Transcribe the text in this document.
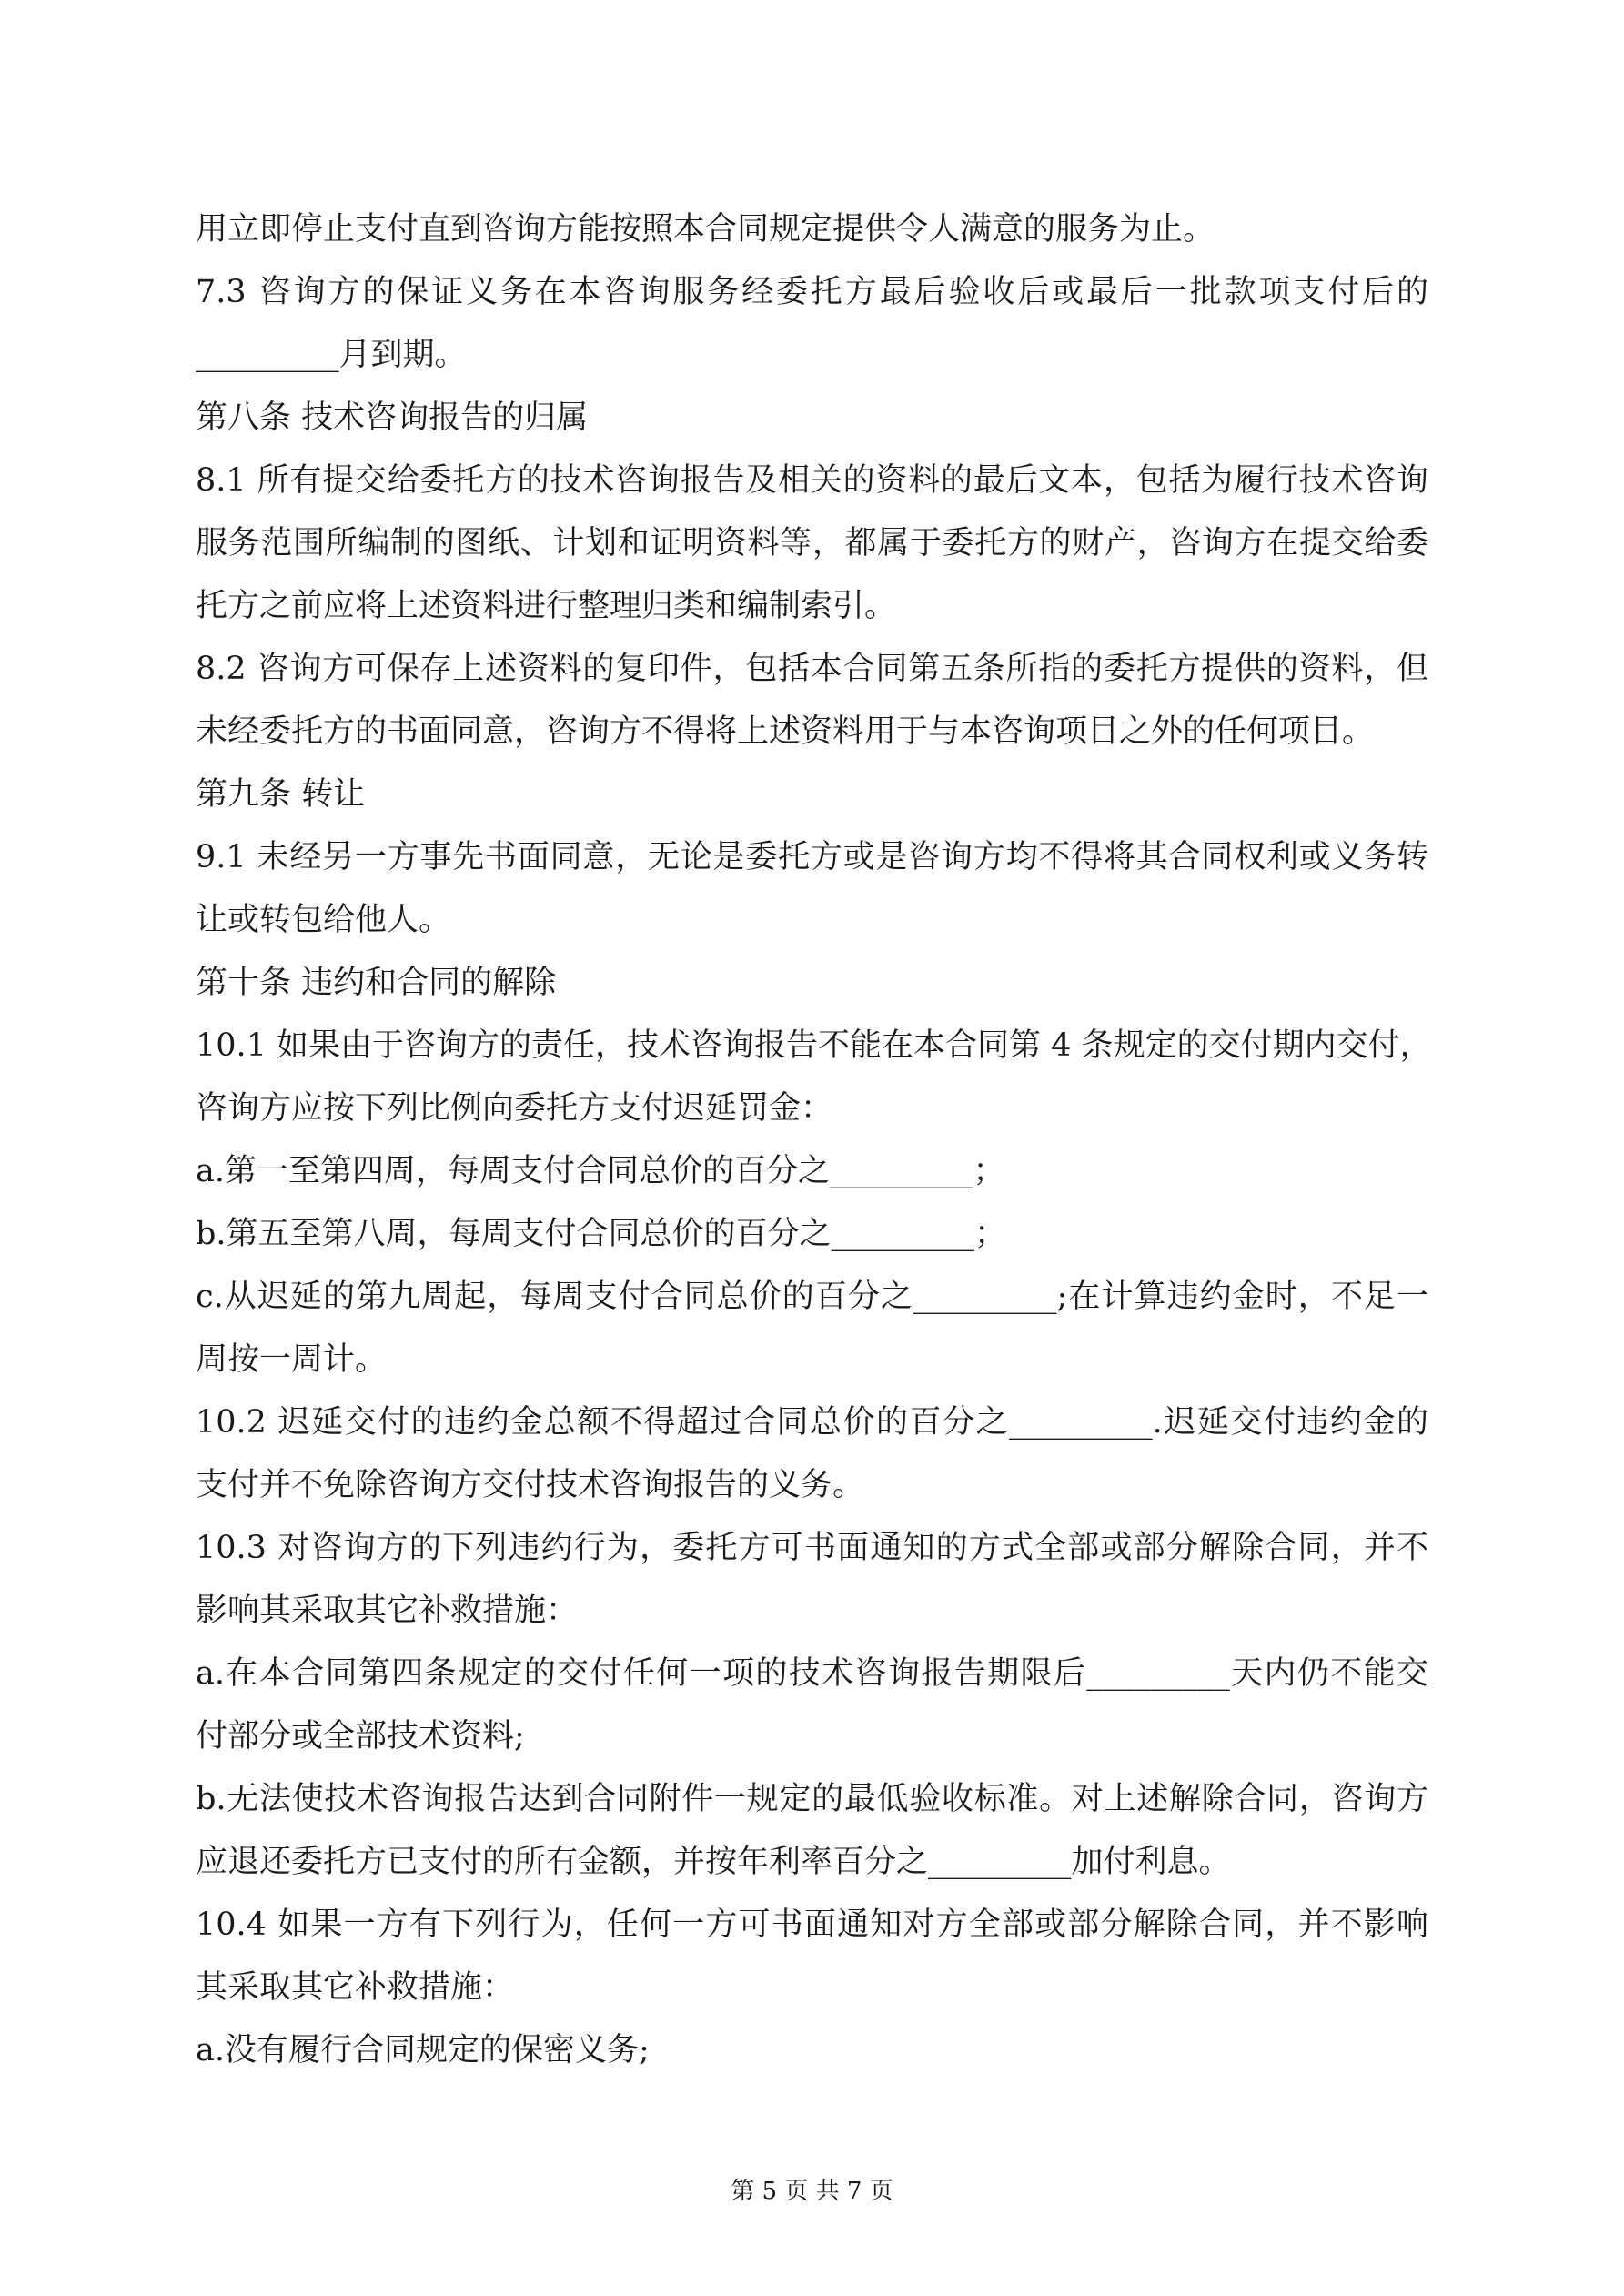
用立即停止支付直到咨询方能按照本合同规定提供令人满意的服务为止。
7.3 咨询方的保证义务在本咨询服务经委托方最后验收后或最后一批款项支付后的
_________月到期。
第八条 技术咨询报告的归属
8.1 所有提交给委托方的技术咨询报告及相关的资料的最后文本，包括为履行技术咨询
服务范围所编制的图纸、计划和证明资料等，都属于委托方的财产，咨询方在提交给委
托方之前应将上述资料进行整理归类和编制索引。
8.2 咨询方可保存上述资料的复印件，包括本合同第五条所指的委托方提供的资料，但
未经委托方的书面同意，咨询方不得将上述资料用于与本咨询项目之外的任何项目。
第九条 转让
9.1 未经另一方事先书面同意，无论是委托方或是咨询方均不得将其合同权利或义务转
让或转包给他人。
第十条 违约和合同的解除
10.1 如果由于咨询方的责任，技术咨询报告不能在本合同第 4 条规定的交付期内交付，
咨询方应按下列比例向委托方支付迟延罚金：
a.第一至第四周，每周支付合同总价的百分之_________；
b.第五至第八周，每周支付合同总价的百分之_________；
c.从迟延的第九周起，每周支付合同总价的百分之_________;在计算违约金时，不足一
周按一周计。
10.2 迟延交付的违约金总额不得超过合同总价的百分之_________.迟延交付违约金的
支付并不免除咨询方交付技术咨询报告的义务。
10.3 对咨询方的下列违约行为，委托方可书面通知的方式全部或部分解除合同，并不
影响其采取其它补救措施：
a.在本合同第四条规定的交付任何一项的技术咨询报告期限后_________天内仍不能交
付部分或全部技术资料;
b.无法使技术咨询报告达到合同附件一规定的最低验收标准。对上述解除合同，咨询方
应退还委托方已支付的所有金额，并按年利率百分之_________加付利息。
10.4 如果一方有下列行为，任何一方可书面通知对方全部或部分解除合同，并不影响
其采取其它补救措施：
a.没有履行合同规定的保密义务;
第 5 页 共 7 页
